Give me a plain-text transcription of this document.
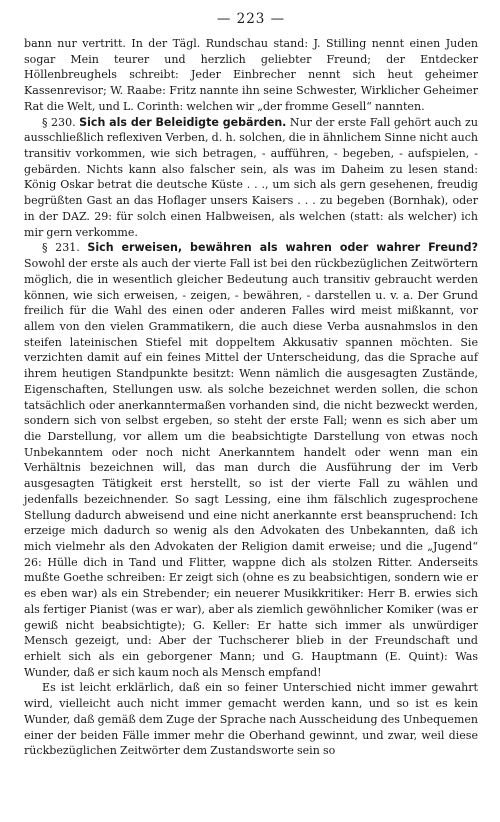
— 223 —

bann nur vertritt. In der Tägl. Rundschau stand: J. Stilling nennt einen Juden sogar Mein teurer und herzlich geliebter Freund; der Entdecker Höllenbreughels schreibt: Jeder Einbrecher nennt sich heut geheimer Kassenrevisor; W. Raabe: Fritz nannte ihn seine Schwester, Wirklicher Geheimer Rat die Welt, und L. Corinth: welchen wir „der fromme Gesell“ nannten.

§ 230. Sich als der Beleidigte gebärden. Nur der erste Fall gehört auch zu ausschließlich reflexiven Verben, d. h. solchen, die in ähnlichem Sinne nicht auch transitiv vorkommen, wie sich betragen, - aufführen, - begeben, - aufspielen, - gebärden. Nichts kann also falscher sein, als was im Daheim zu lesen stand: König Oskar betrat die deutsche Küste . . ., um sich als gern gesehenen, freudig begrüßten Gast an das Hoflager unsers Kaisers . . . zu begeben (Bornhak), oder in der DAZ. 29: für solch einen Halbweisen, als welchen (statt: als welcher) ich mir gern verkomme.

§ 231. Sich erweisen, bewähren als wahren oder wahrer Freund? Sowohl der erste als auch der vierte Fall ist bei den rückbezüglichen Zeitwörtern möglich, die in wesentlich gleicher Bedeutung auch transitiv gebraucht werden können, wie sich erweisen, - zeigen, - bewähren, - darstellen u. v. a. Der Grund freilich für die Wahl des einen oder anderen Falles wird meist mißkannt, vor allem von den vielen Grammatikern, die auch diese Verba ausnahmslos in den steifen lateinischen Stiefel mit doppeltem Akkusativ spannen möchten. Sie verzichten damit auf ein feines Mittel der Unterscheidung, das die Sprache auf ihrem heutigen Standpunkte besitzt: Wenn nämlich die ausgesagten Zustände, Eigenschaften, Stellungen usw. als solche bezeichnet werden sollen, die schon tatsächlich oder anerkanntermaßen vorhanden sind, die nicht bezweckt werden, sondern sich von selbst ergeben, so steht der erste Fall; wenn es sich aber um die Darstellung, vor allem um die beabsichtigte Darstellung von etwas noch Unbekanntem oder noch nicht Anerkanntem handelt oder wenn man ein Verhältnis bezeichnen will, das man durch die Ausführung der im Verb ausgesagten Tätigkeit erst herstellt, so ist der vierte Fall zu wählen und jedenfalls bezeichnender. So sagt Lessing, eine ihm fälschlich zugesprochene Stellung dadurch abweisend und eine nicht anerkannte erst beanspruchend: Ich erzeige mich dadurch so wenig als den Advokaten des Unbekannten, daß ich mich vielmehr als den Advokaten der Religion damit erweise; und die „Jugend“ 26: Hülle dich in Tand und Flitter, wappne dich als stolzen Ritter. Anderseits mußte Goethe schreiben: Er zeigt sich (ohne es zu beabsichtigen, sondern wie er es eben war) als ein Strebender; ein neuerer Musikkritiker: Herr B. erwies sich als fertiger Pianist (was er war), aber als ziemlich gewöhnlicher Komiker (was er gewiß nicht beabsichtigte); G. Keller: Er hatte sich immer als unwürdiger Mensch gezeigt, und: Aber der Tuchscherer blieb in der Freundschaft und erhielt sich als ein geborgener Mann; und G. Hauptmann (E. Quint): Was Wunder, daß er sich kaum noch als Mensch empfand!

Es ist leicht erklärlich, daß ein so feiner Unterschied nicht immer gewahrt wird, vielleicht auch nicht immer gemacht werden kann, und so ist es kein Wunder, daß gemäß dem Zuge der Sprache nach Ausscheidung des Unbequemen einer der beiden Fälle immer mehr die Oberhand gewinnt, und zwar, weil diese rückbezüglichen Zeitwörter dem Zustandsworte sein so
